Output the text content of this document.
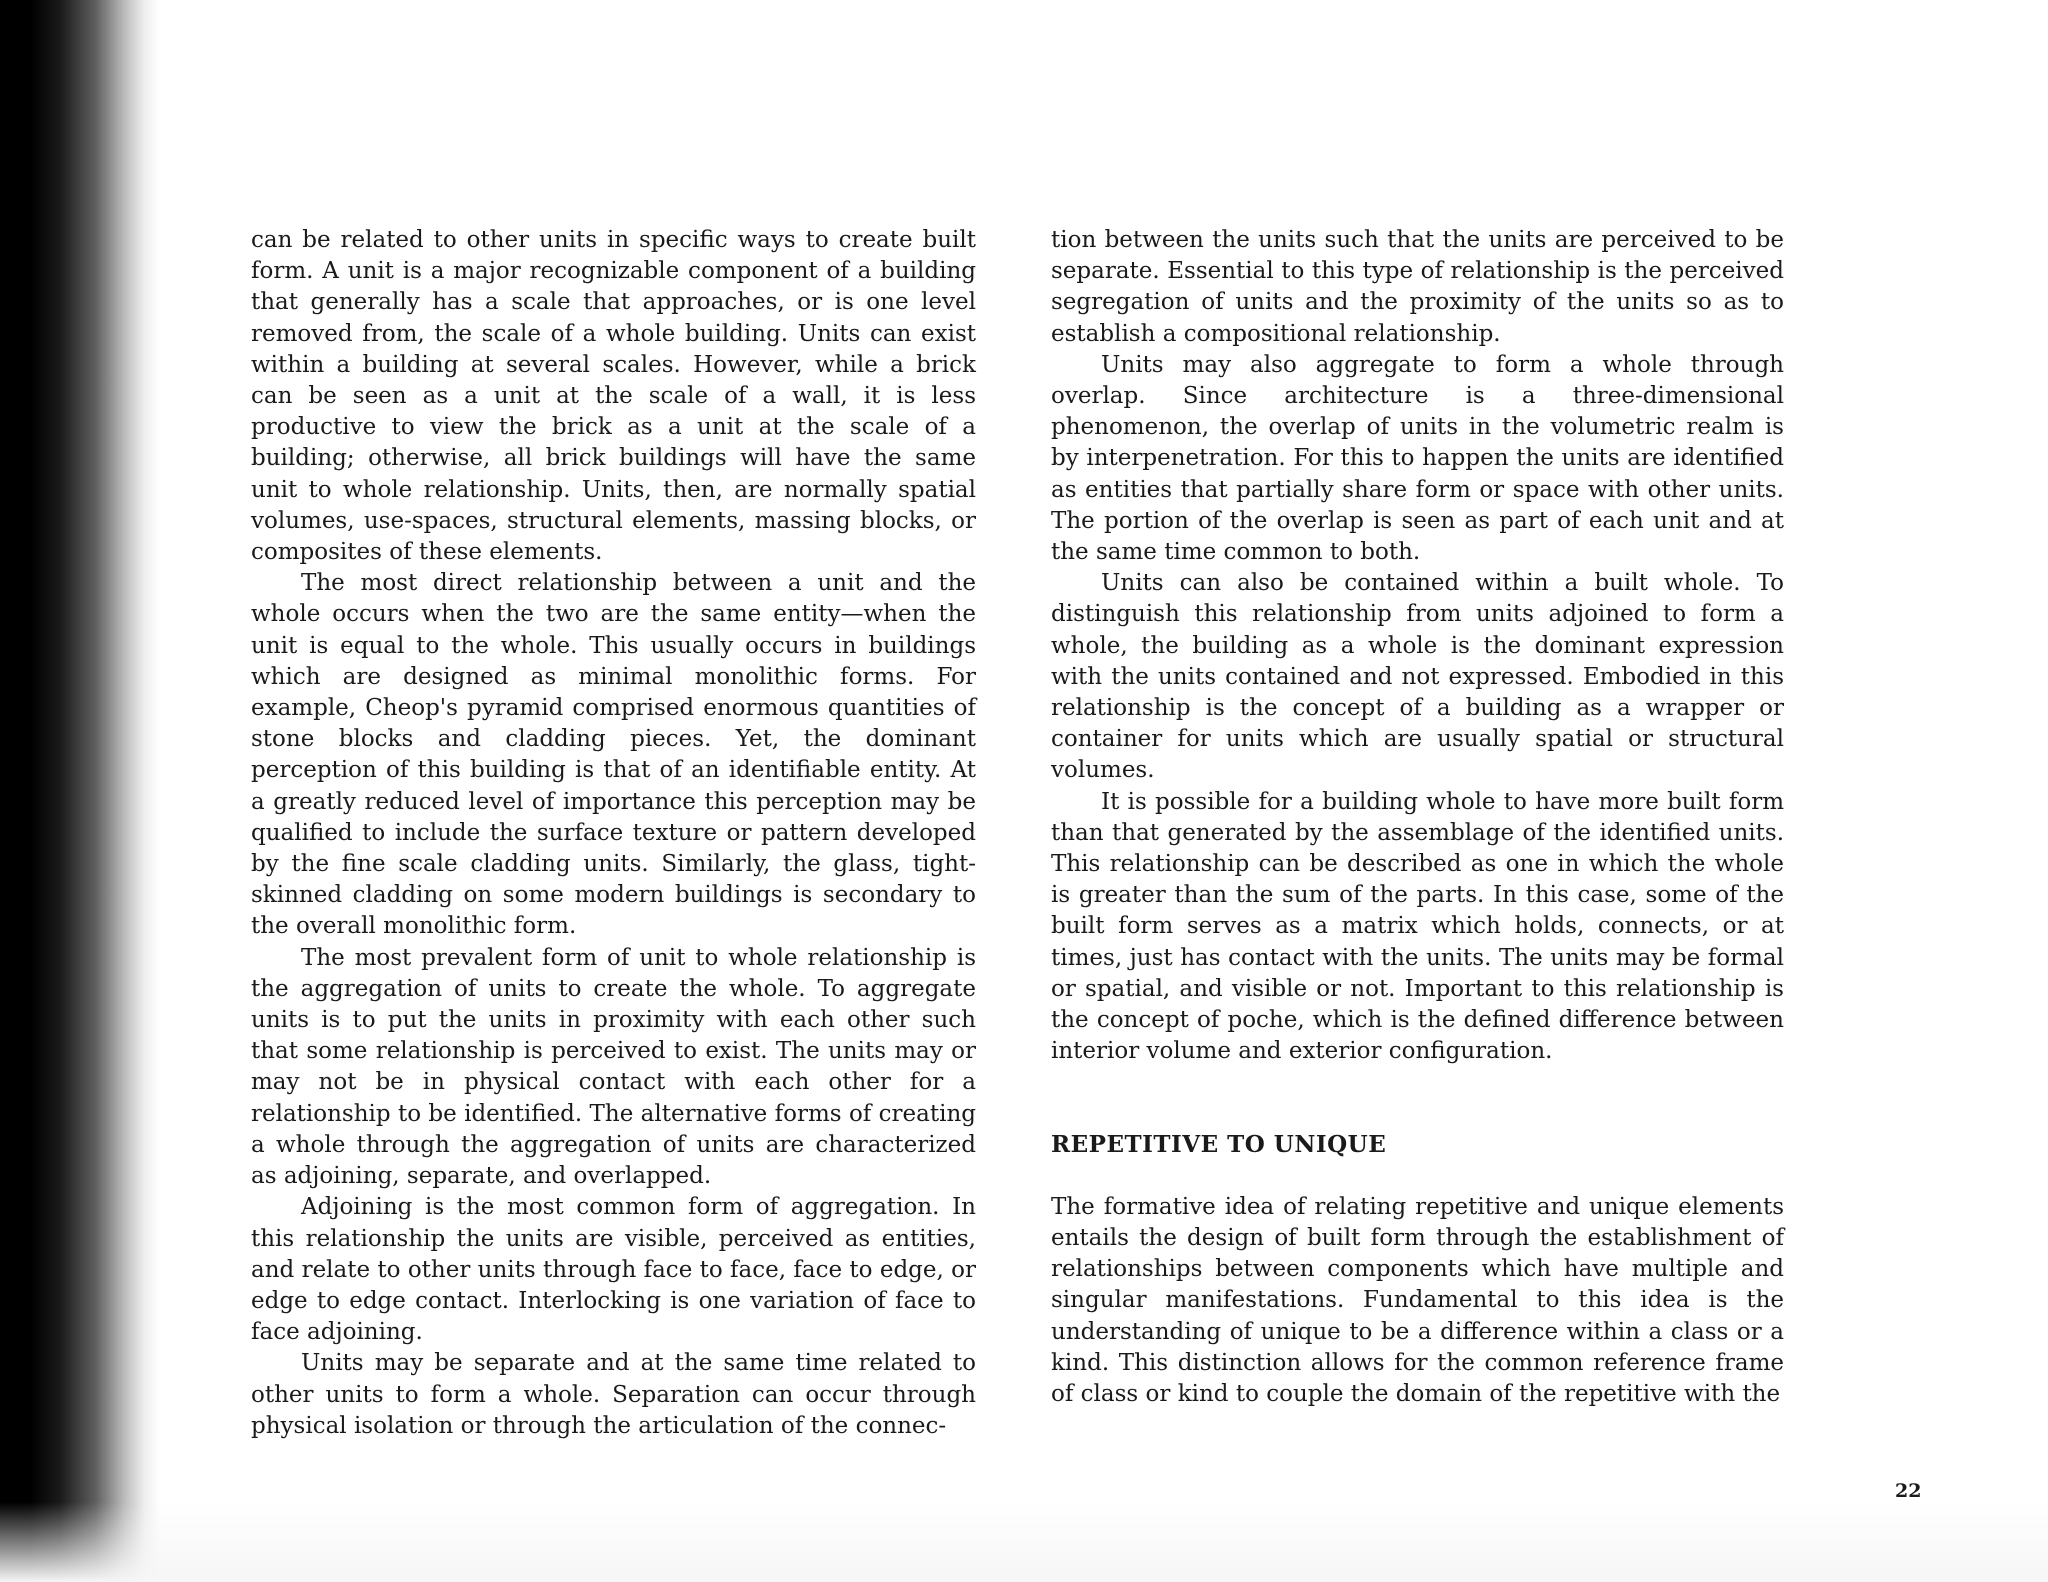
can be related to other units in specific ways to create built form. A unit is a major recognizable component of a building that generally has a scale that approaches, or is one level removed from, the scale of a whole building. Units can exist within a building at several scales. However, while a brick can be seen as a unit at the scale of a wall, it is less productive to view the brick as a unit at the scale of a building; otherwise, all brick buildings will have the same unit to whole relationship. Units, then, are normally spatial volumes, use-spaces, structural elements, massing blocks, or composites of these elements.

The most direct relationship between a unit and the whole occurs when the two are the same entity—when the unit is equal to the whole. This usually occurs in buildings which are designed as minimal monolithic forms. For example, Cheop's pyramid comprised enormous quantities of stone blocks and cladding pieces. Yet, the dominant perception of this building is that of an identifiable entity. At a greatly reduced level of importance this perception may be qualified to include the surface texture or pattern developed by the fine scale cladding units. Similarly, the glass, tight-skinned cladding on some modern buildings is secondary to the overall monolithic form.

The most prevalent form of unit to whole relationship is the aggregation of units to create the whole. To aggregate units is to put the units in proximity with each other such that some relationship is perceived to exist. The units may or may not be in physical contact with each other for a relationship to be identified. The alternative forms of creating a whole through the aggregation of units are characterized as adjoining, separate, and overlapped.

Adjoining is the most common form of aggregation. In this relationship the units are visible, perceived as entities, and relate to other units through face to face, face to edge, or edge to edge contact. Interlocking is one variation of face to face adjoining.

Units may be separate and at the same time related to other units to form a whole. Separation can occur through physical isolation or through the articulation of the connec-

tion between the units such that the units are perceived to be separate. Essential to this type of relationship is the perceived segregation of units and the proximity of the units so as to establish a compositional relationship.

Units may also aggregate to form a whole through overlap. Since architecture is a three-dimensional phenomenon, the overlap of units in the volumetric realm is by interpenetration. For this to happen the units are identified as entities that partially share form or space with other units. The portion of the overlap is seen as part of each unit and at the same time common to both.

Units can also be contained within a built whole. To distinguish this relationship from units adjoined to form a whole, the building as a whole is the dominant expression with the units contained and not expressed. Embodied in this relationship is the concept of a building as a wrapper or container for units which are usually spatial or structural volumes.

It is possible for a building whole to have more built form than that generated by the assemblage of the identified units. This relationship can be described as one in which the whole is greater than the sum of the parts. In this case, some of the built form serves as a matrix which holds, connects, or at times, just has contact with the units. The units may be formal or spatial, and visible or not. Important to this relationship is the concept of poche, which is the defined difference between interior volume and exterior configuration.

REPETITIVE TO UNIQUE

The formative idea of relating repetitive and unique elements entails the design of built form through the establishment of relationships between components which have multiple and singular manifestations. Fundamental to this idea is the understanding of unique to be a difference within a class or a kind. This distinction allows for the common reference frame of class or kind to couple the domain of the repetitive with the

22
